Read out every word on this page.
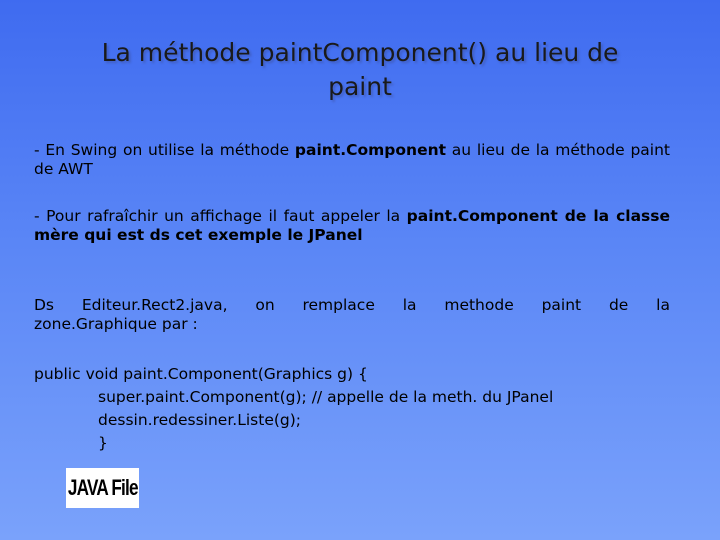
La méthode paintComponent() au lieu de
paint
- En Swing on utilise la méthode paint.Component au lieu de la méthode paint de AWT
- Pour rafraîchir un affichage il faut appeler la paint.Component de la classe mère qui est ds cet exemple le JPanel
Ds Editeur.Rect2.java, on remplace la methode paint de la
zone.Graphique par :
public void paint.Component(Graphics g) {
super.paint.Component(g); // appelle de la meth. du JPanel
dessin.redessiner.Liste(g);
}
JAVA File
